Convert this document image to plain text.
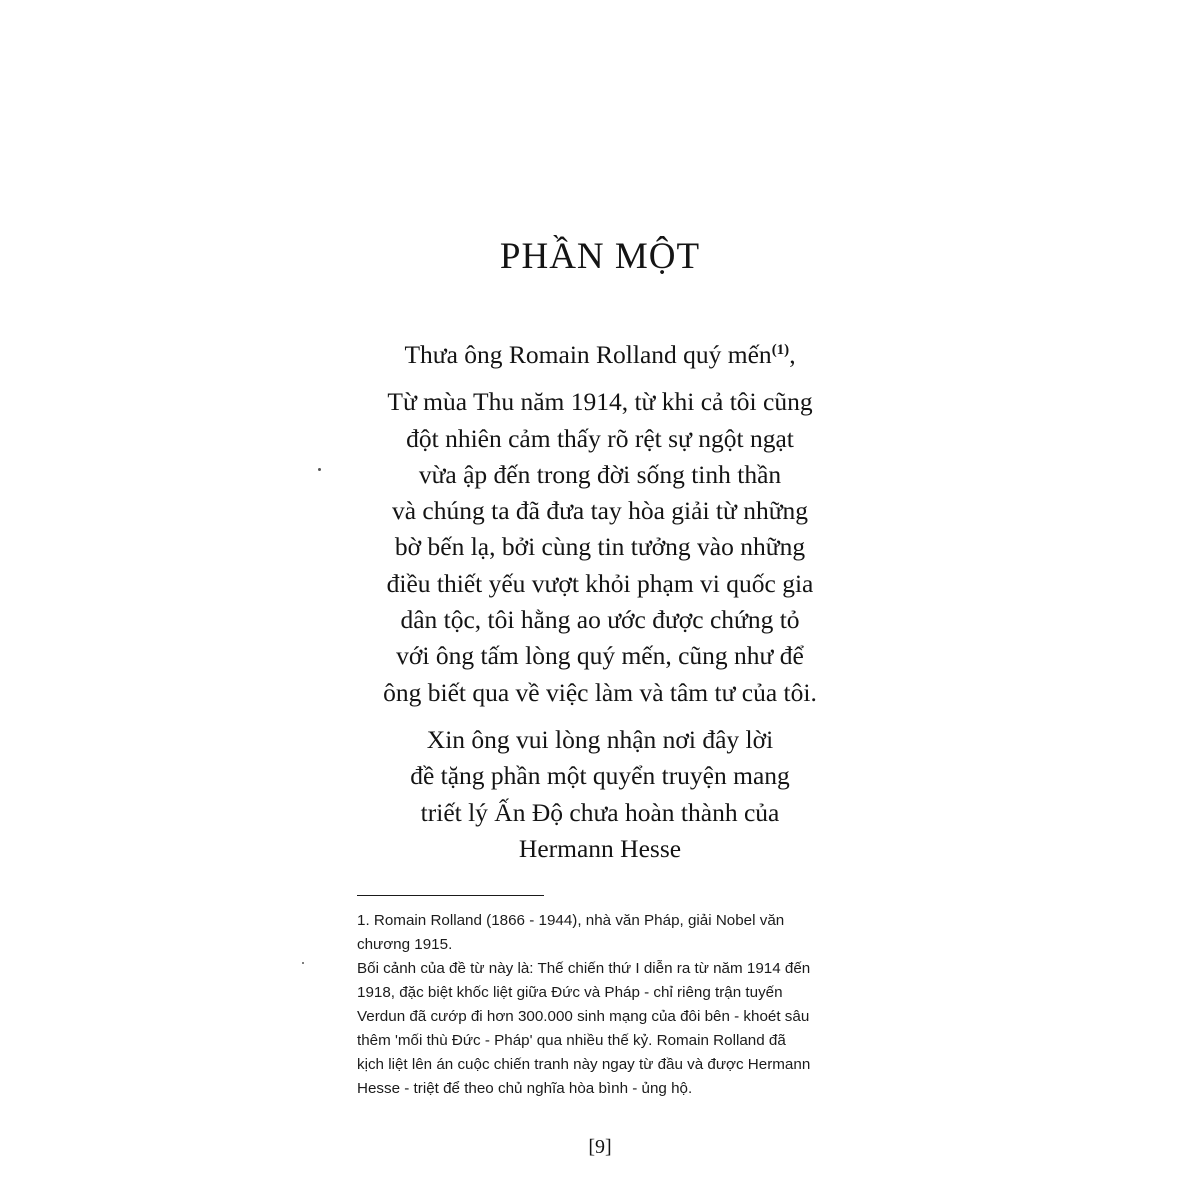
PHẦN MỘT
Thưa ông Romain Rolland quý mến$^{(1)}$,
Từ mùa Thu năm 1914, từ khi cả tôi cũng
đột nhiên cảm thấy rõ rệt sự ngột ngạt
vừa ập đến trong đời sống tinh thần
và chúng ta đã đưa tay hòa giải từ những
bờ bến lạ, bởi cùng tin tưởng vào những
điều thiết yếu vượt khỏi phạm vi quốc gia
dân tộc, tôi hằng ao ước được chứng tỏ
với ông tấm lòng quý mến, cũng như để
ông biết qua về việc làm và tâm tư của tôi.
Xin ông vui lòng nhận nơi đây lời
đề tặng phần một quyển truyện mang
triết lý Ấn Độ chưa hoàn thành của
Hermann Hesse
1. Romain Rolland (1866 - 1944), nhà văn Pháp, giải Nobel văn
chương 1915.
Bối cảnh của đề từ này là: Thế chiến thứ I diễn ra từ năm 1914 đến
1918, đặc biệt khốc liệt giữa Đức và Pháp - chỉ riêng trận tuyến
Verdun đã cướp đi hơn 300.000 sinh mạng của đôi bên - khoét sâu
thêm 'mối thù Đức - Pháp' qua nhiều thế kỷ. Romain Rolland đã
kịch liệt lên án cuộc chiến tranh này ngay từ đầu và được Hermann
Hesse - triệt để theo chủ nghĩa hòa bình - ủng hộ.
[9]
